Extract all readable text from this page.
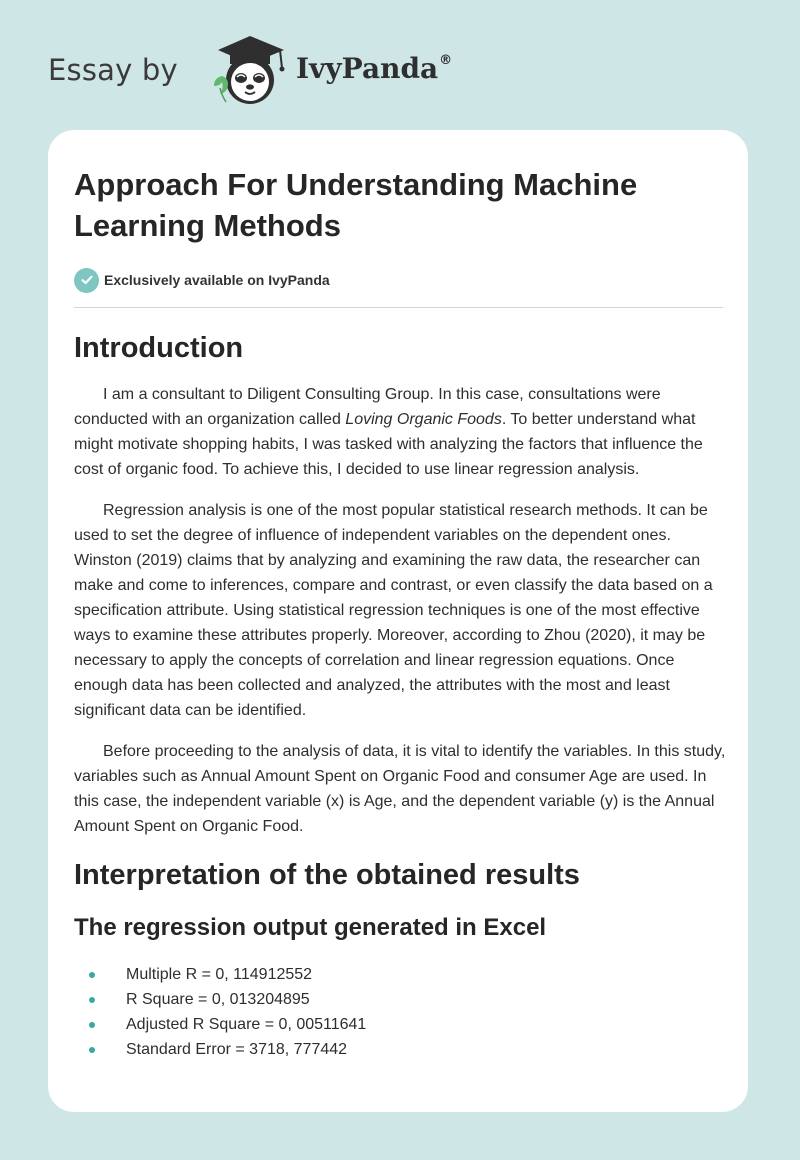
Essay by	IvyPanda®
Approach For Understanding Machine Learning Methods
Exclusively available on IvyPanda
Introduction

I am a consultant to Diligent Consulting Group. In this case, consultations were conducted with an organization called Loving Organic Foods. To better understand what might motivate shopping habits, I was tasked with analyzing the factors that influence the cost of organic food. To achieve this, I decided to use linear regression analysis.

Regression analysis is one of the most popular statistical research methods. It can be used to set the degree of influence of independent variables on the dependent ones. Winston (2019) claims that by analyzing and examining the raw data, the researcher can make and come to inferences, compare and contrast, or even classify the data based on a specification attribute. Using statistical regression techniques is one of the most effective ways to examine these attributes properly. Moreover, according to Zhou (2020), it may be necessary to apply the concepts of correlation and linear regression equations. Once enough data has been collected and analyzed, the attributes with the most and least significant data can be identified.

Before proceeding to the analysis of data, it is vital to identify the variables. In this study, variables such as Annual Amount Spent on Organic Food and consumer Age are used. In this case, the independent variable (x) is Age, and the dependent variable (y) is the Annual Amount Spent on Organic Food.

Interpretation of the obtained results
The regression output generated in Excel
Multiple R = 0, 114912552
R Square = 0, 013204895
Adjusted R Square = 0, 00511641
Standard Error = 3718, 777442
